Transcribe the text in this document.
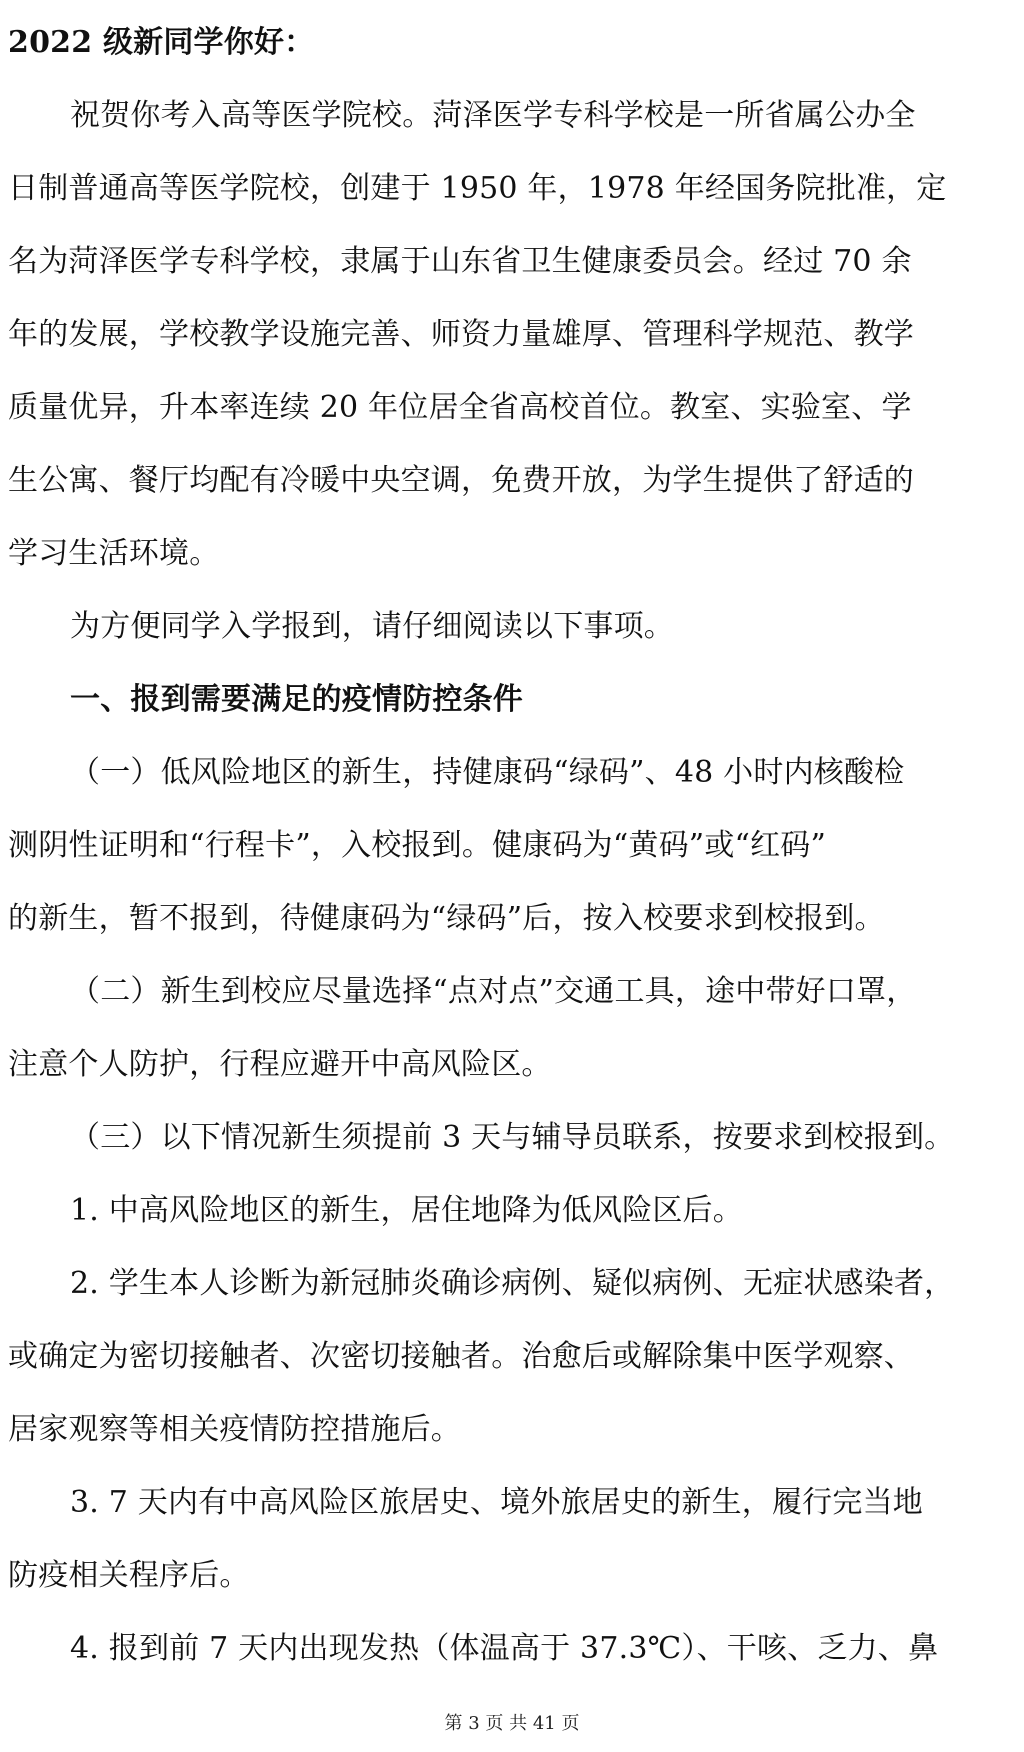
2022 级新同学你好：
祝贺你考入高等医学院校。菏泽医学专科学校是一所省属公办全
日制普通高等医学院校，创建于 1950 年，1978 年经国务院批准，定
名为菏泽医学专科学校，隶属于山东省卫生健康委员会。经过 70 余
年的发展，学校教学设施完善、师资力量雄厚、管理科学规范、教学
质量优异，升本率连续 20 年位居全省高校首位。教室、实验室、学
生公寓、餐厅均配有冷暖中央空调，免费开放，为学生提供了舒适的
学习生活环境。
为方便同学入学报到，请仔细阅读以下事项。
一、报到需要满足的疫情防控条件
（一）低风险地区的新生，持健康码“绿码”、48 小时内核酸检
测阴性证明和“行程卡”，入校报到。健康码为“黄码”或“红码”
的新生，暂不报到，待健康码为“绿码”后，按入校要求到校报到。
（二）新生到校应尽量选择“点对点”交通工具，途中带好口罩，
注意个人防护，行程应避开中高风险区。
（三）以下情况新生须提前 3 天与辅导员联系，按要求到校报到。
1. 中高风险地区的新生，居住地降为低风险区后。
2. 学生本人诊断为新冠肺炎确诊病例、疑似病例、无症状感染者，
或确定为密切接触者、次密切接触者。治愈后或解除集中医学观察、
居家观察等相关疫情防控措施后。
3. 7 天内有中高风险区旅居史、境外旅居史的新生，履行完当地
防疫相关程序后。
4. 报到前 7 天内出现发热（体温高于 37.3℃）、干咳、乏力、鼻
第 3 页 共 41 页
